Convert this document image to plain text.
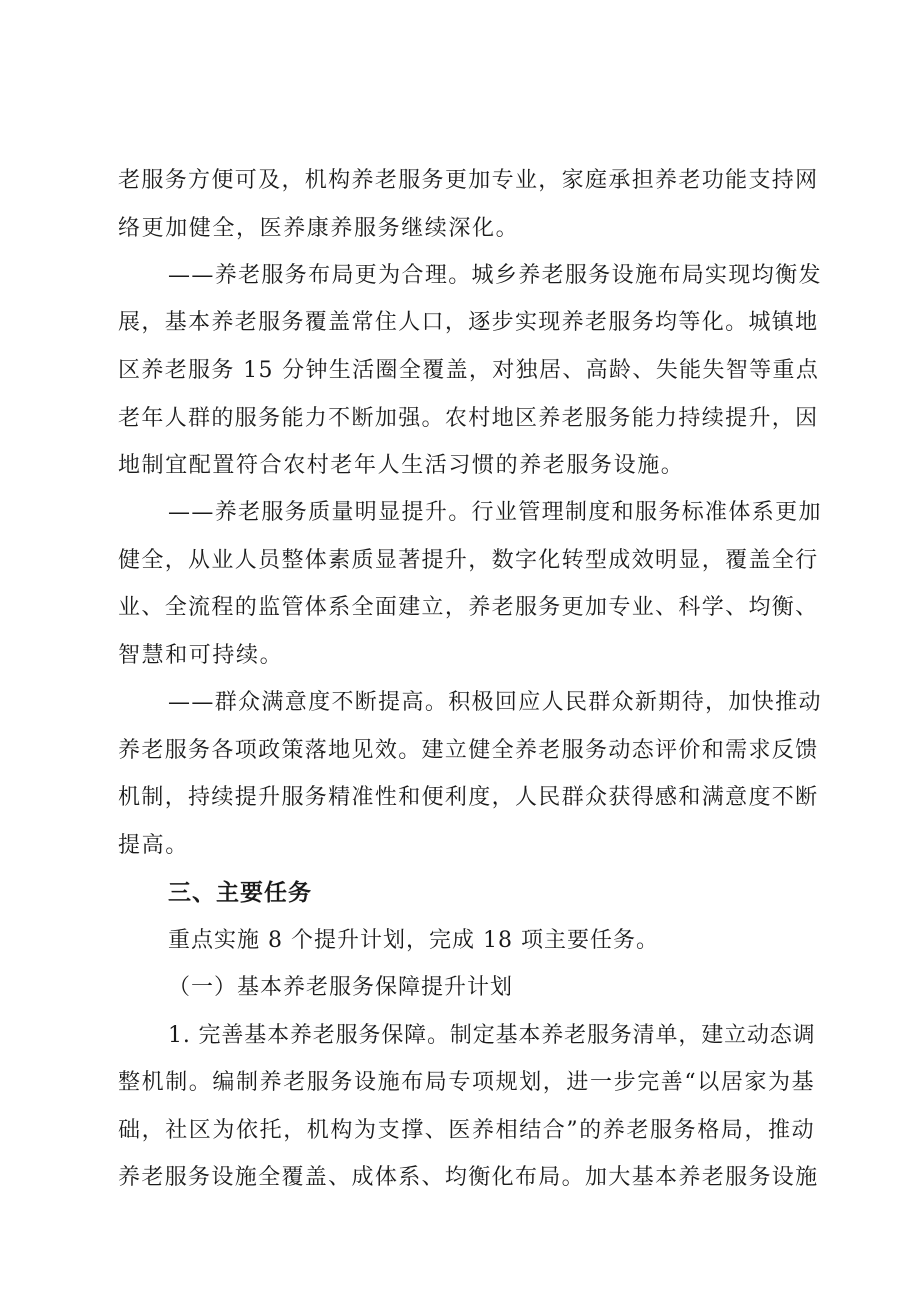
老服务方便可及，机构养老服务更加专业，家庭承担养老功能支持网
络更加健全，医养康养服务继续深化。
——养老服务布局更为合理。城乡养老服务设施布局实现均衡发
展，基本养老服务覆盖常住人口，逐步实现养老服务均等化。城镇地
区养老服务 15 分钟生活圈全覆盖，对独居、高龄、失能失智等重点
老年人群的服务能力不断加强。农村地区养老服务能力持续提升，因
地制宜配置符合农村老年人生活习惯的养老服务设施。
——养老服务质量明显提升。行业管理制度和服务标准体系更加
健全，从业人员整体素质显著提升，数字化转型成效明显，覆盖全行
业、全流程的监管体系全面建立，养老服务更加专业、科学、均衡、
智慧和可持续。
——群众满意度不断提高。积极回应人民群众新期待，加快推动
养老服务各项政策落地见效。建立健全养老服务动态评价和需求反馈
机制，持续提升服务精准性和便利度，人民群众获得感和满意度不断
提高。
三、主要任务
重点实施 8 个提升计划，完成 18 项主要任务。
（一）基本养老服务保障提升计划
1. 完善基本养老服务保障。制定基本养老服务清单，建立动态调
整机制。编制养老服务设施布局专项规划，进一步完善“以居家为基
础，社区为依托，机构为支撑、医养相结合”的养老服务格局，推动
养老服务设施全覆盖、成体系、均衡化布局。加大基本养老服务设施
